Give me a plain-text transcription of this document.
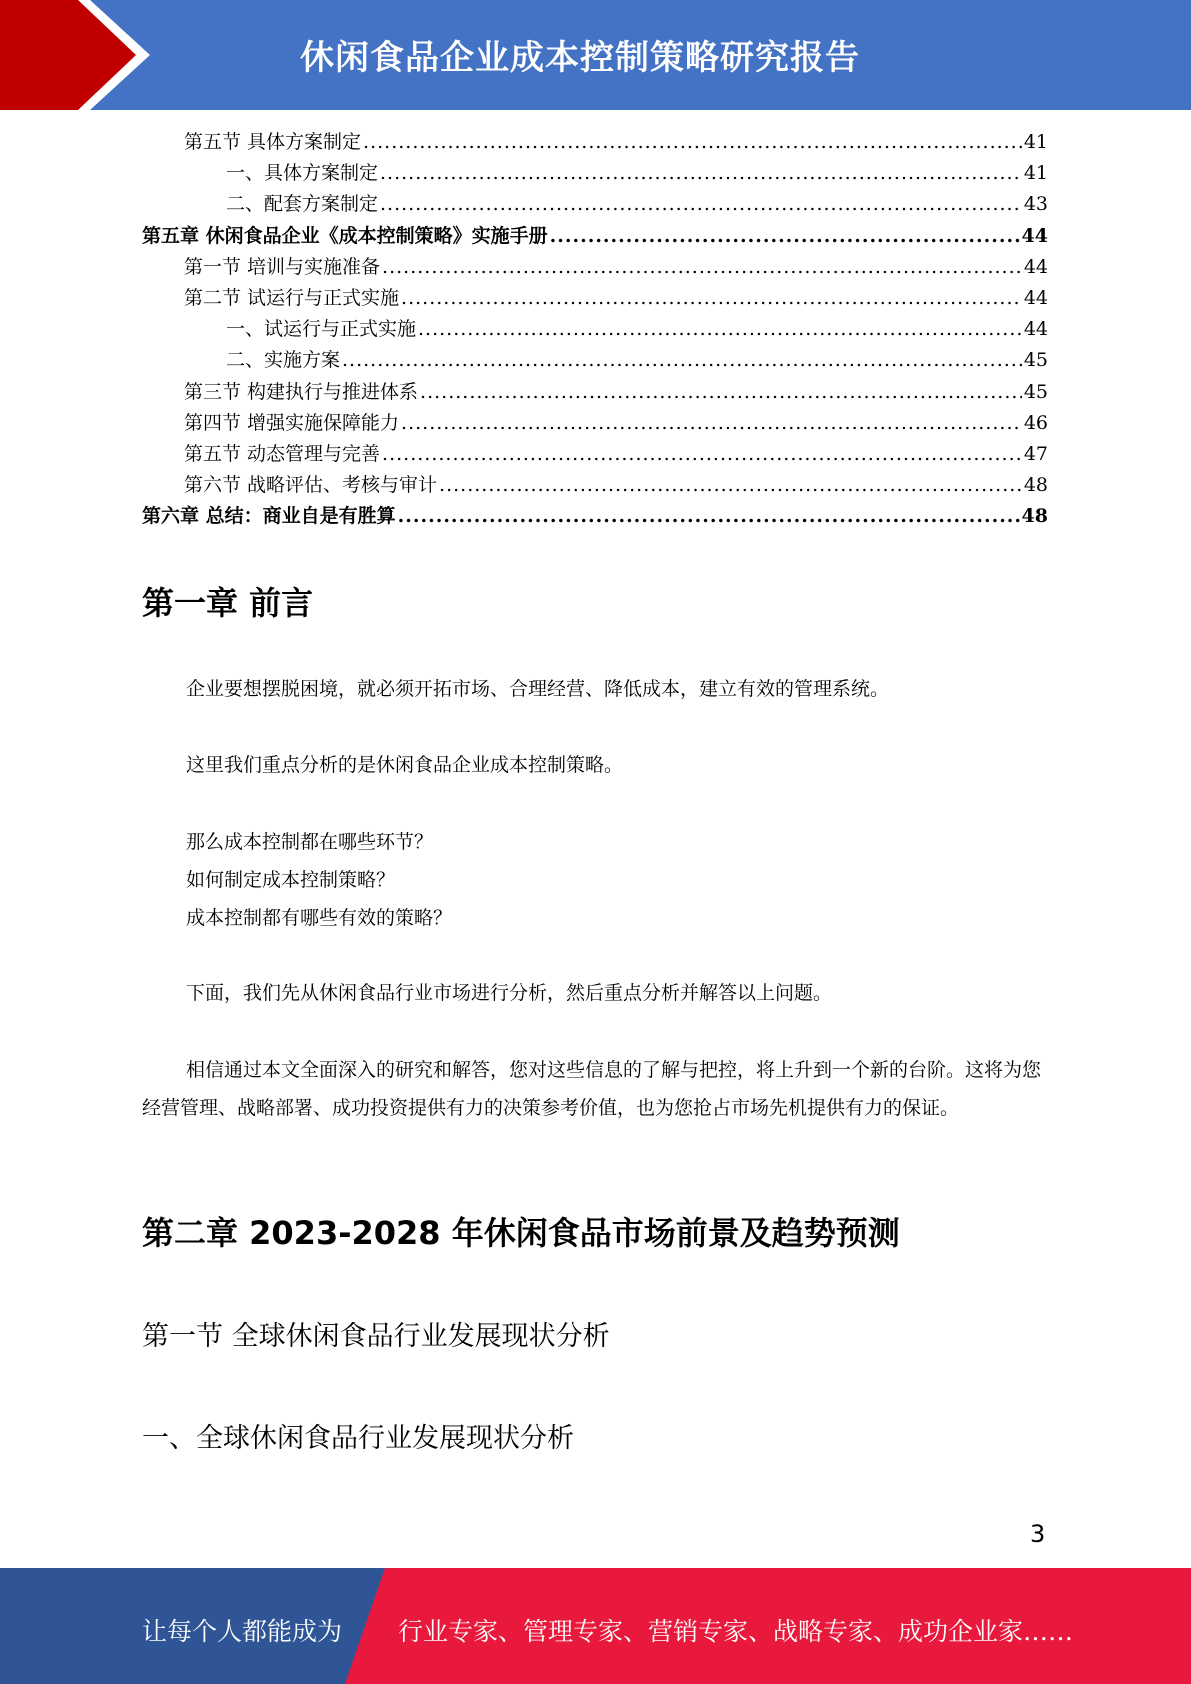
休闲食品企业成本控制策略研究报告
第五节 具体方案制定 .....	41
一、具体方案制定 .....	41
二、配套方案制定 .....	43
第五章 休闲食品企业《成本控制策略》实施手册 .....	44
第一节 培训与实施准备 .....	44
第二节 试运行与正式实施 .....	44
一、试运行与正式实施 .....	44
二、实施方案 .....	45
第三节 构建执行与推进体系 .....	45
第四节 增强实施保障能力 .....	46
第五节 动态管理与完善 .....	47
第六节 战略评估、考核与审计 .....	48
第六章 总结：商业自是有胜算 .....	48
第一章 前言
企业要想摆脱困境，就必须开拓市场、合理经营、降低成本，建立有效的管理系统。
这里我们重点分析的是休闲食品企业成本控制策略。
那么成本控制都在哪些环节？
如何制定成本控制策略？
成本控制都有哪些有效的策略？
下面，我们先从休闲食品行业市场进行分析，然后重点分析并解答以上问题。
相信通过本文全面深入的研究和解答，您对这些信息的了解与把控，将上升到一个新的台阶。这将为您经营管理、战略部署、成功投资提供有力的决策参考价值，也为您抢占市场先机提供有力的保证。
第二章 2023-2028 年休闲食品市场前景及趋势预测
第一节 全球休闲食品行业发展现状分析
一、全球休闲食品行业发展现状分析
3
让每个人都能成为 行业专家、管理专家、营销专家、战略专家、成功企业家……
